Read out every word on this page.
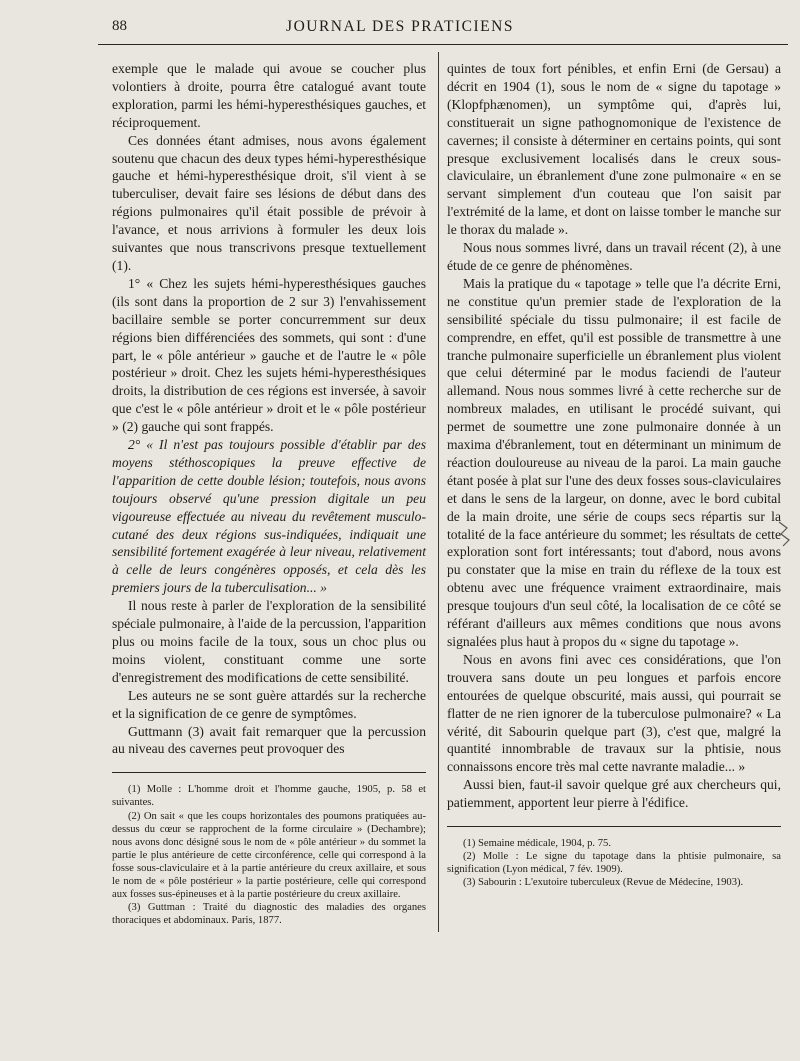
88	JOURNAL DES PRATICIENS

exemple que le malade qui avoue se coucher plus volontiers à droite, pourra être catalogué avant toute exploration, parmi les hémi-hyperesthésiques gauches, et réciproquement.

Ces données étant admises, nous avons également soutenu que chacun des deux types hémi-hyperesthésique gauche et hémi-hyperesthésique droit, s'il vient à se tuberculiser, devait faire ses lésions de début dans des régions pulmonaires qu'il était possible de prévoir à l'avance, et nous arrivions à formuler les deux lois suivantes que nous transcrivons presque textuellement (1).

1° « Chez les sujets hémi-hyperesthésiques gauches (ils sont dans la proportion de 2 sur 3) l'envahissement bacillaire semble se porter concurremment sur deux régions bien différenciées des sommets, qui sont : d'une part, le « pôle antérieur » gauche et de l'autre le « pôle postérieur » droit. Chez les sujets hémi-hyperesthésiques droits, la distribution de ces régions est inversée, à savoir que c'est le « pôle antérieur » droit et le « pôle postérieur » (2) gauche qui sont frappés.

2° « Il n'est pas toujours possible d'établir par des moyens stéthoscopiques la preuve effective de l'apparition de cette double lésion; toutefois, nous avons toujours observé qu'une pression digitale un peu vigoureuse effectuée au niveau du revêtement musculo-cutané des deux régions sus-indiquées, indiquait une sensibilité fortement exagérée à leur niveau, relativement à celle de leurs congénères opposés, et cela dès les premiers jours de la tuberculisation... »

Il nous reste à parler de l'exploration de la sensibilité spéciale pulmonaire, à l'aide de la percussion, l'apparition plus ou moins facile de la toux, sous un choc plus ou moins violent, constituant comme une sorte d'enregistrement des modifications de cette sensibilité.

Les auteurs ne se sont guère attardés sur la recherche et la signification de ce genre de symptômes.

Guttmann (3) avait fait remarquer que la percussion au niveau des cavernes peut provoquer des

(1) Molle : L'homme droit et l'homme gauche, 1905, p. 58 et suivantes.

(2) On sait « que les coups horizontales des poumons pratiquées au-dessus du cœur se rapprochent de la forme circulaire » (Dechambre); nous avons donc désigné sous le nom de « pôle antérieur » du sommet la partie le plus antérieure de cette circonférence, celle qui correspond à la fosse sous-claviculaire et à la partie antérieure du creux axillaire, et sous le nom de « pôle postérieur » la partie postérieure, celle qui correspond aux fosses sus-épineuses et à la partie postérieure du creux axillaire.

(3) Guttman : Traité du diagnostic des maladies des organes thoraciques et abdominaux. Paris, 1877.

quintes de toux fort pénibles, et enfin Erni (de Gersau) a décrit en 1904 (1), sous le nom de « signe du tapotage » (Klopfphænomen), un symptôme qui, d'après lui, constituerait un signe pathognomonique de l'existence de cavernes; il consiste à déterminer en certains points, qui sont presque exclusivement localisés dans le creux sous-claviculaire, un ébranlement d'une zone pulmonaire « en se servant simplement d'un couteau que l'on saisit par l'extrémité de la lame, et dont on laisse tomber le manche sur le thorax du malade ».

Nous nous sommes livré, dans un travail récent (2), à une étude de ce genre de phénomènes.

Mais la pratique du « tapotage » telle que l'a décrite Erni, ne constitue qu'un premier stade de l'exploration de la sensibilité spéciale du tissu pulmonaire; il est facile de comprendre, en effet, qu'il est possible de transmettre à une tranche pulmonaire superficielle un ébranlement plus violent que celui déterminé par le modus faciendi de l'auteur allemand. Nous nous sommes livré à cette recherche sur de nombreux malades, en utilisant le procédé suivant, qui permet de soumettre une zone pulmonaire donnée à un maxima d'ébranlement, tout en déterminant un minimum de réaction douloureuse au niveau de la paroi. La main gauche étant posée à plat sur l'une des deux fosses sous-claviculaires et dans le sens de la largeur, on donne, avec le bord cubital de la main droite, une série de coups secs répartis sur la totalité de la face antérieure du sommet; les résultats de cette exploration sont fort intéressants; tout d'abord, nous avons pu constater que la mise en train du réflexe de la toux est obtenu avec une fréquence vraiment extraordinaire, mais presque toujours d'un seul côté, la localisation de ce côté se référant d'ailleurs aux mêmes conditions que nous avons signalées plus haut à propos du « signe du tapotage ».

Nous en avons fini avec ces considérations, que l'on trouvera sans doute un peu longues et parfois encore entourées de quelque obscurité, mais aussi, qui pourrait se flatter de ne rien ignorer de la tuberculose pulmonaire? « La vérité, dit Sabourin quelque part (3), c'est que, malgré la quantité innombrable de travaux sur la phtisie, nous connaissons encore très mal cette navrante maladie... »

Aussi bien, faut-il savoir quelque gré aux chercheurs qui, patiemment, apportent leur pierre à l'édifice.

(1) Semaine médicale, 1904, p. 75.

(2) Molle : Le signe du tapotage dans la phtisie pulmonaire, sa signification (Lyon médical, 7 fév. 1909).

(3) Sabourin : L'exutoire tuberculeux (Revue de Médecine, 1903).
